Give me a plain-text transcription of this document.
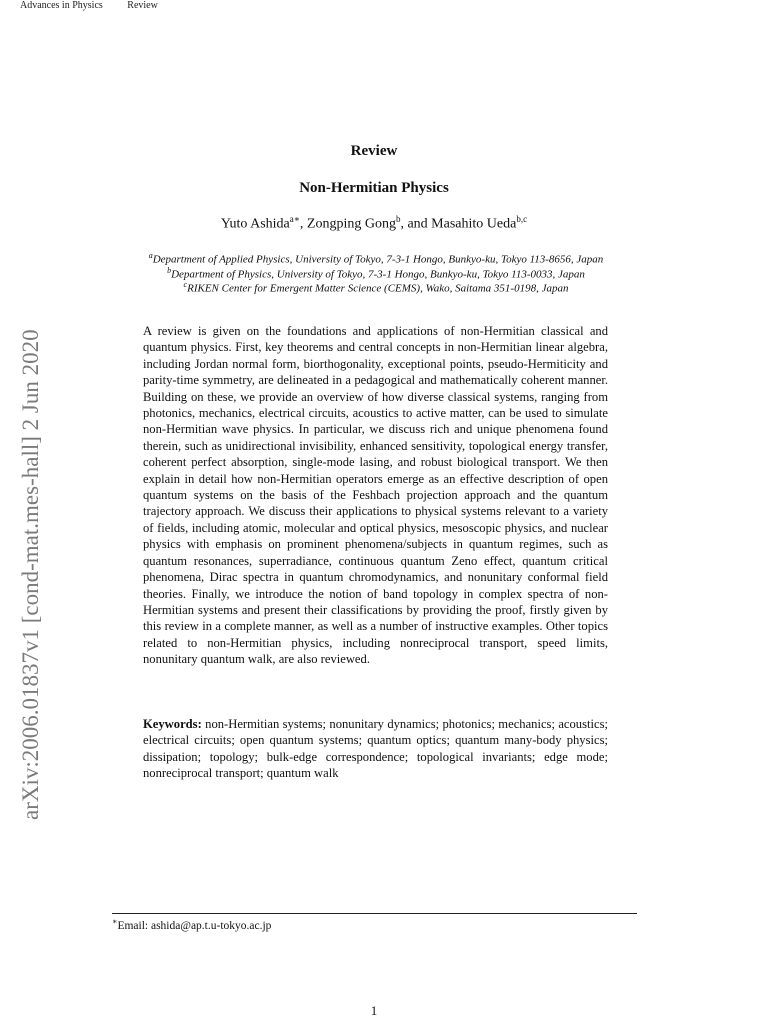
Advances in Physics Review
arXiv:2006.01837v1 [cond-mat.mes-hall] 2 Jun 2020
Review
Non-Hermitian Physics
Yuto Ashida$^{a∗}$, Zongping Gong$^b$, and Masahito Ueda$^{b,c}$
$^a$Department of Applied Physics, University of Tokyo, 7-3-1 Hongo, Bunkyo-ku, Tokyo 113-8656, Japan
$^b$Department of Physics, University of Tokyo, 7-3-1 Hongo, Bunkyo-ku, Tokyo 113-0033, Japan
$^c$RIKEN Center for Emergent Matter Science (CEMS), Wako, Saitama 351-0198, Japan
A review is given on the foundations and applications of non-Hermitian classical and quantum physics. First, key theorems and central concepts in non-Hermitian linear algebra, including Jordan normal form, biorthogonality, exceptional points, pseudo-Hermiticity and parity-time symmetry, are delineated in a pedagogical and mathematically coherent manner. Building on these, we provide an overview of how diverse classical systems, ranging from photonics, mechanics, electrical circuits, acoustics to active matter, can be used to simulate non-Hermitian wave physics. In particular, we discuss rich and unique phenomena found therein, such as unidirectional invisibility, enhanced sensitivity, topological energy transfer, coherent perfect absorption, single-mode lasing, and robust biological transport. We then explain in detail how non-Hermitian operators emerge as an effective description of open quantum systems on the basis of the Feshbach projection approach and the quantum trajectory approach. We discuss their applications to physical systems relevant to a variety of fields, including atomic, molecular and optical physics, mesoscopic physics, and nuclear physics with emphasis on prominent phenomena/subjects in quantum regimes, such as quantum resonances, superradiance, continuous quantum Zeno effect, quantum critical phenomena, Dirac spectra in quantum chromodynamics, and nonunitary conformal field theories. Finally, we introduce the notion of band topology in complex spectra of non-Hermitian systems and present their classifications by providing the proof, firstly given by this review in a complete manner, as well as a number of instructive examples. Other topics related to non-Hermitian physics, including nonreciprocal transport, speed limits, nonunitary quantum walk, are also reviewed.
Keywords: non-Hermitian systems; nonunitary dynamics; photonics; mechanics; acoustics; electrical circuits; open quantum systems; quantum optics; quantum many-body physics; dissipation; topology; bulk-edge correspondence; topological invariants; edge mode; nonreciprocal transport; quantum walk
∗Email: ashida@ap.t.u-tokyo.ac.jp
1
